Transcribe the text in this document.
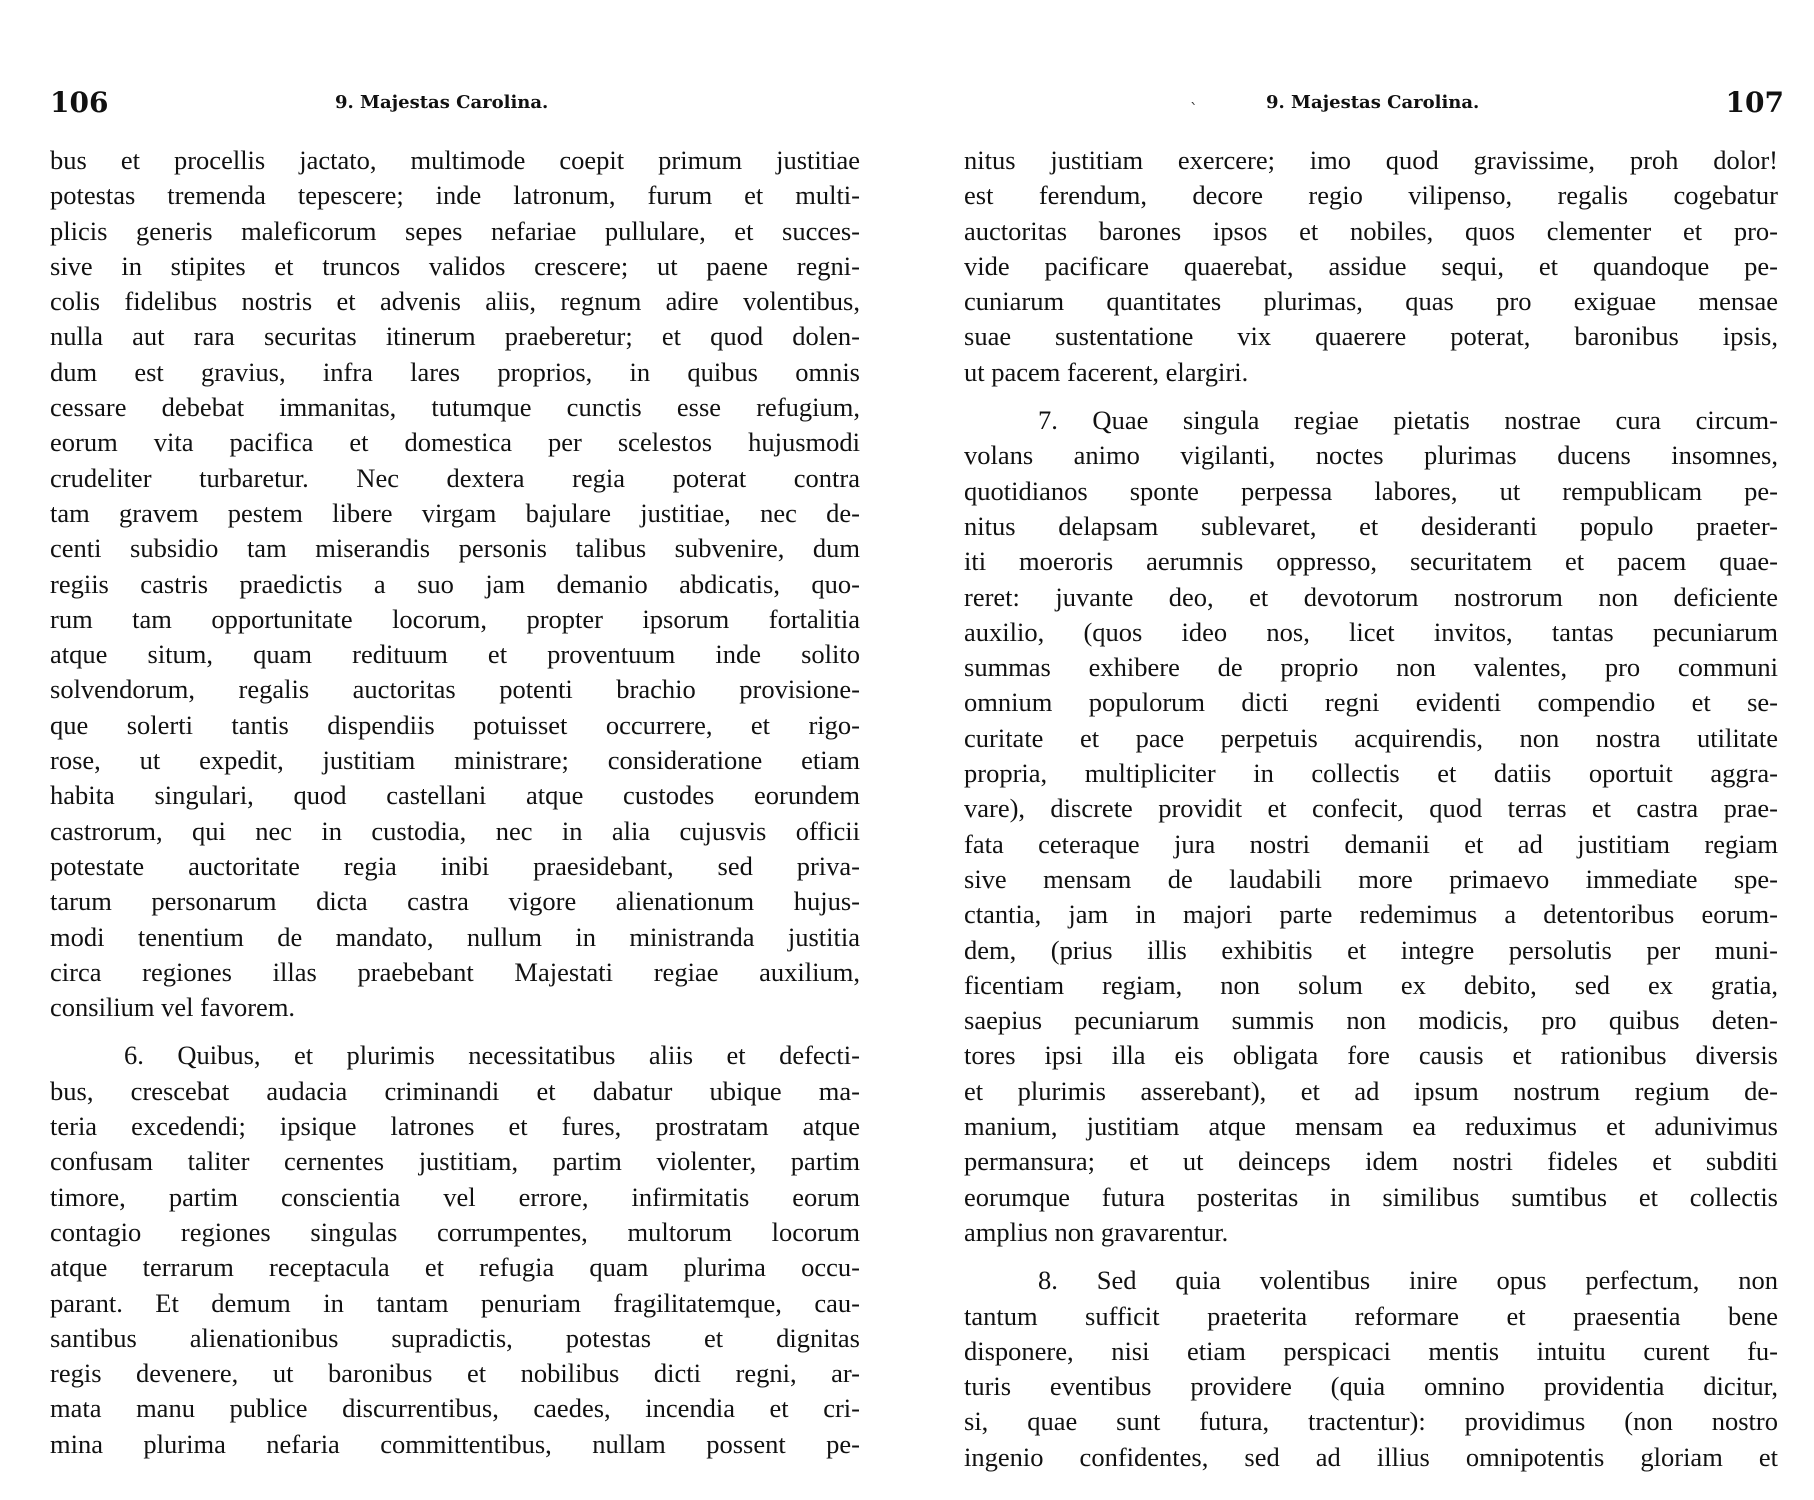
106	9. Majestas Carolina.
bus et procellis jactato, multimode coepit primum justitiae
potestas tremenda tepescere; inde latronum, furum et multi-
plicis generis maleficorum sepes nefariae pullulare, et succes-
sive in stipites et truncos validos crescere; ut paene regni-
colis fidelibus nostris et advenis aliis, regnum adire volentibus,
nulla aut rara securitas itinerum praeberetur; et quod dolen-
dum est gravius, infra lares proprios, in quibus omnis
cessare debebat immanitas, tutumque cunctis esse refugium,
eorum vita pacifica et domestica per scelestos hujusmodi
crudeliter turbaretur. Nec dextera regia poterat contra
tam gravem pestem libere virgam bajulare justitiae, nec de-
centi subsidio tam miserandis personis talibus subvenire, dum
regiis castris praedictis a suo jam demanio abdicatis, quo-
rum tam opportunitate locorum, propter ipsorum fortalitia
atque situm, quam redituum et proventuum inde solito
solvendorum, regalis auctoritas potenti brachio provisione-
que solerti tantis dispendiis potuisset occurrere, et rigo-
rose, ut expedit, justitiam ministrare; consideratione etiam
habita singulari, quod castellani atque custodes eorundem
castrorum, qui nec in custodia, nec in alia cujusvis officii
potestate auctoritate regia inibi praesidebant, sed priva-
tarum personarum dicta castra vigore alienationum hujus-
modi tenentium de mandato, nullum in ministranda justitia
circa regiones illas praebebant Majestati regiae auxilium,
consilium vel favorem.
6. Quibus, et plurimis necessitatibus aliis et defecti-
bus, crescebat audacia criminandi et dabatur ubique ma-
teria excedendi; ipsique latrones et fures, prostratam atque
confusam taliter cernentes justitiam, partim violenter, partim
timore, partim conscientia vel errore, infirmitatis eorum
contagio regiones singulas corrumpentes, multorum locorum
atque terrarum receptacula et refugia quam plurima occu-
parant. Et demum in tantam penuriam fragilitatemque, cau-
santibus alienationibus supradictis, potestas et dignitas
regis devenere, ut baronibus et nobilibus dicti regni, ar-
mata manu publice discurrentibus, caedes, incendia et cri-
mina plurima nefaria committentibus, nullam possent pe-
`	9. Majestas Carolina.	107
nitus justitiam exercere; imo quod gravissime, proh dolor!
est ferendum, decore regio vilipenso, regalis cogebatur
auctoritas barones ipsos et nobiles, quos clementer et pro-
vide pacificare quaerebat, assidue sequi, et quandoque pe-
cuniarum quantitates plurimas, quas pro exiguae mensae
suae sustentatione vix quaerere poterat, baronibus ipsis,
ut pacem facerent, elargiri.
7. Quae singula regiae pietatis nostrae cura circum-
volans animo vigilanti, noctes plurimas ducens insomnes,
quotidianos sponte perpessa labores, ut rempublicam pe-
nitus delapsam sublevaret, et desideranti populo praeter-
iti moeroris aerumnis oppresso, securitatem et pacem quae-
reret: juvante deo, et devotorum nostrorum non deficiente
auxilio, (quos ideo nos, licet invitos, tantas pecuniarum
summas exhibere de proprio non valentes, pro communi
omnium populorum dicti regni evidenti compendio et se-
curitate et pace perpetuis acquirendis, non nostra utilitate
propria, multipliciter in collectis et datiis oportuit aggra-
vare), discrete providit et confecit, quod terras et castra prae-
fata ceteraque jura nostri demanii et ad justitiam regiam
sive mensam de laudabili more primaevo immediate spe-
ctantia, jam in majori parte redemimus a detentoribus eorum-
dem, (prius illis exhibitis et integre persolutis per muni-
ficentiam regiam, non solum ex debito, sed ex gratia,
saepius pecuniarum summis non modicis, pro quibus deten-
tores ipsi illa eis obligata fore causis et rationibus diversis
et plurimis asserebant), et ad ipsum nostrum regium de-
manium, justitiam atque mensam ea reduximus et adunivimus
permansura; et ut deinceps idem nostri fideles et subditi
eorumque futura posteritas in similibus sumtibus et collectis
amplius non gravarentur.
8. Sed quia volentibus inire opus perfectum, non
tantum sufficit praeterita reformare et praesentia bene
disponere, nisi etiam perspicaci mentis intuitu curent fu-
turis eventibus providere (quia omnino providentia dicitur,
si, quae sunt futura, tractentur): providimus (non nostro
ingenio confidentes, sed ad illius omnipotentis gloriam et
